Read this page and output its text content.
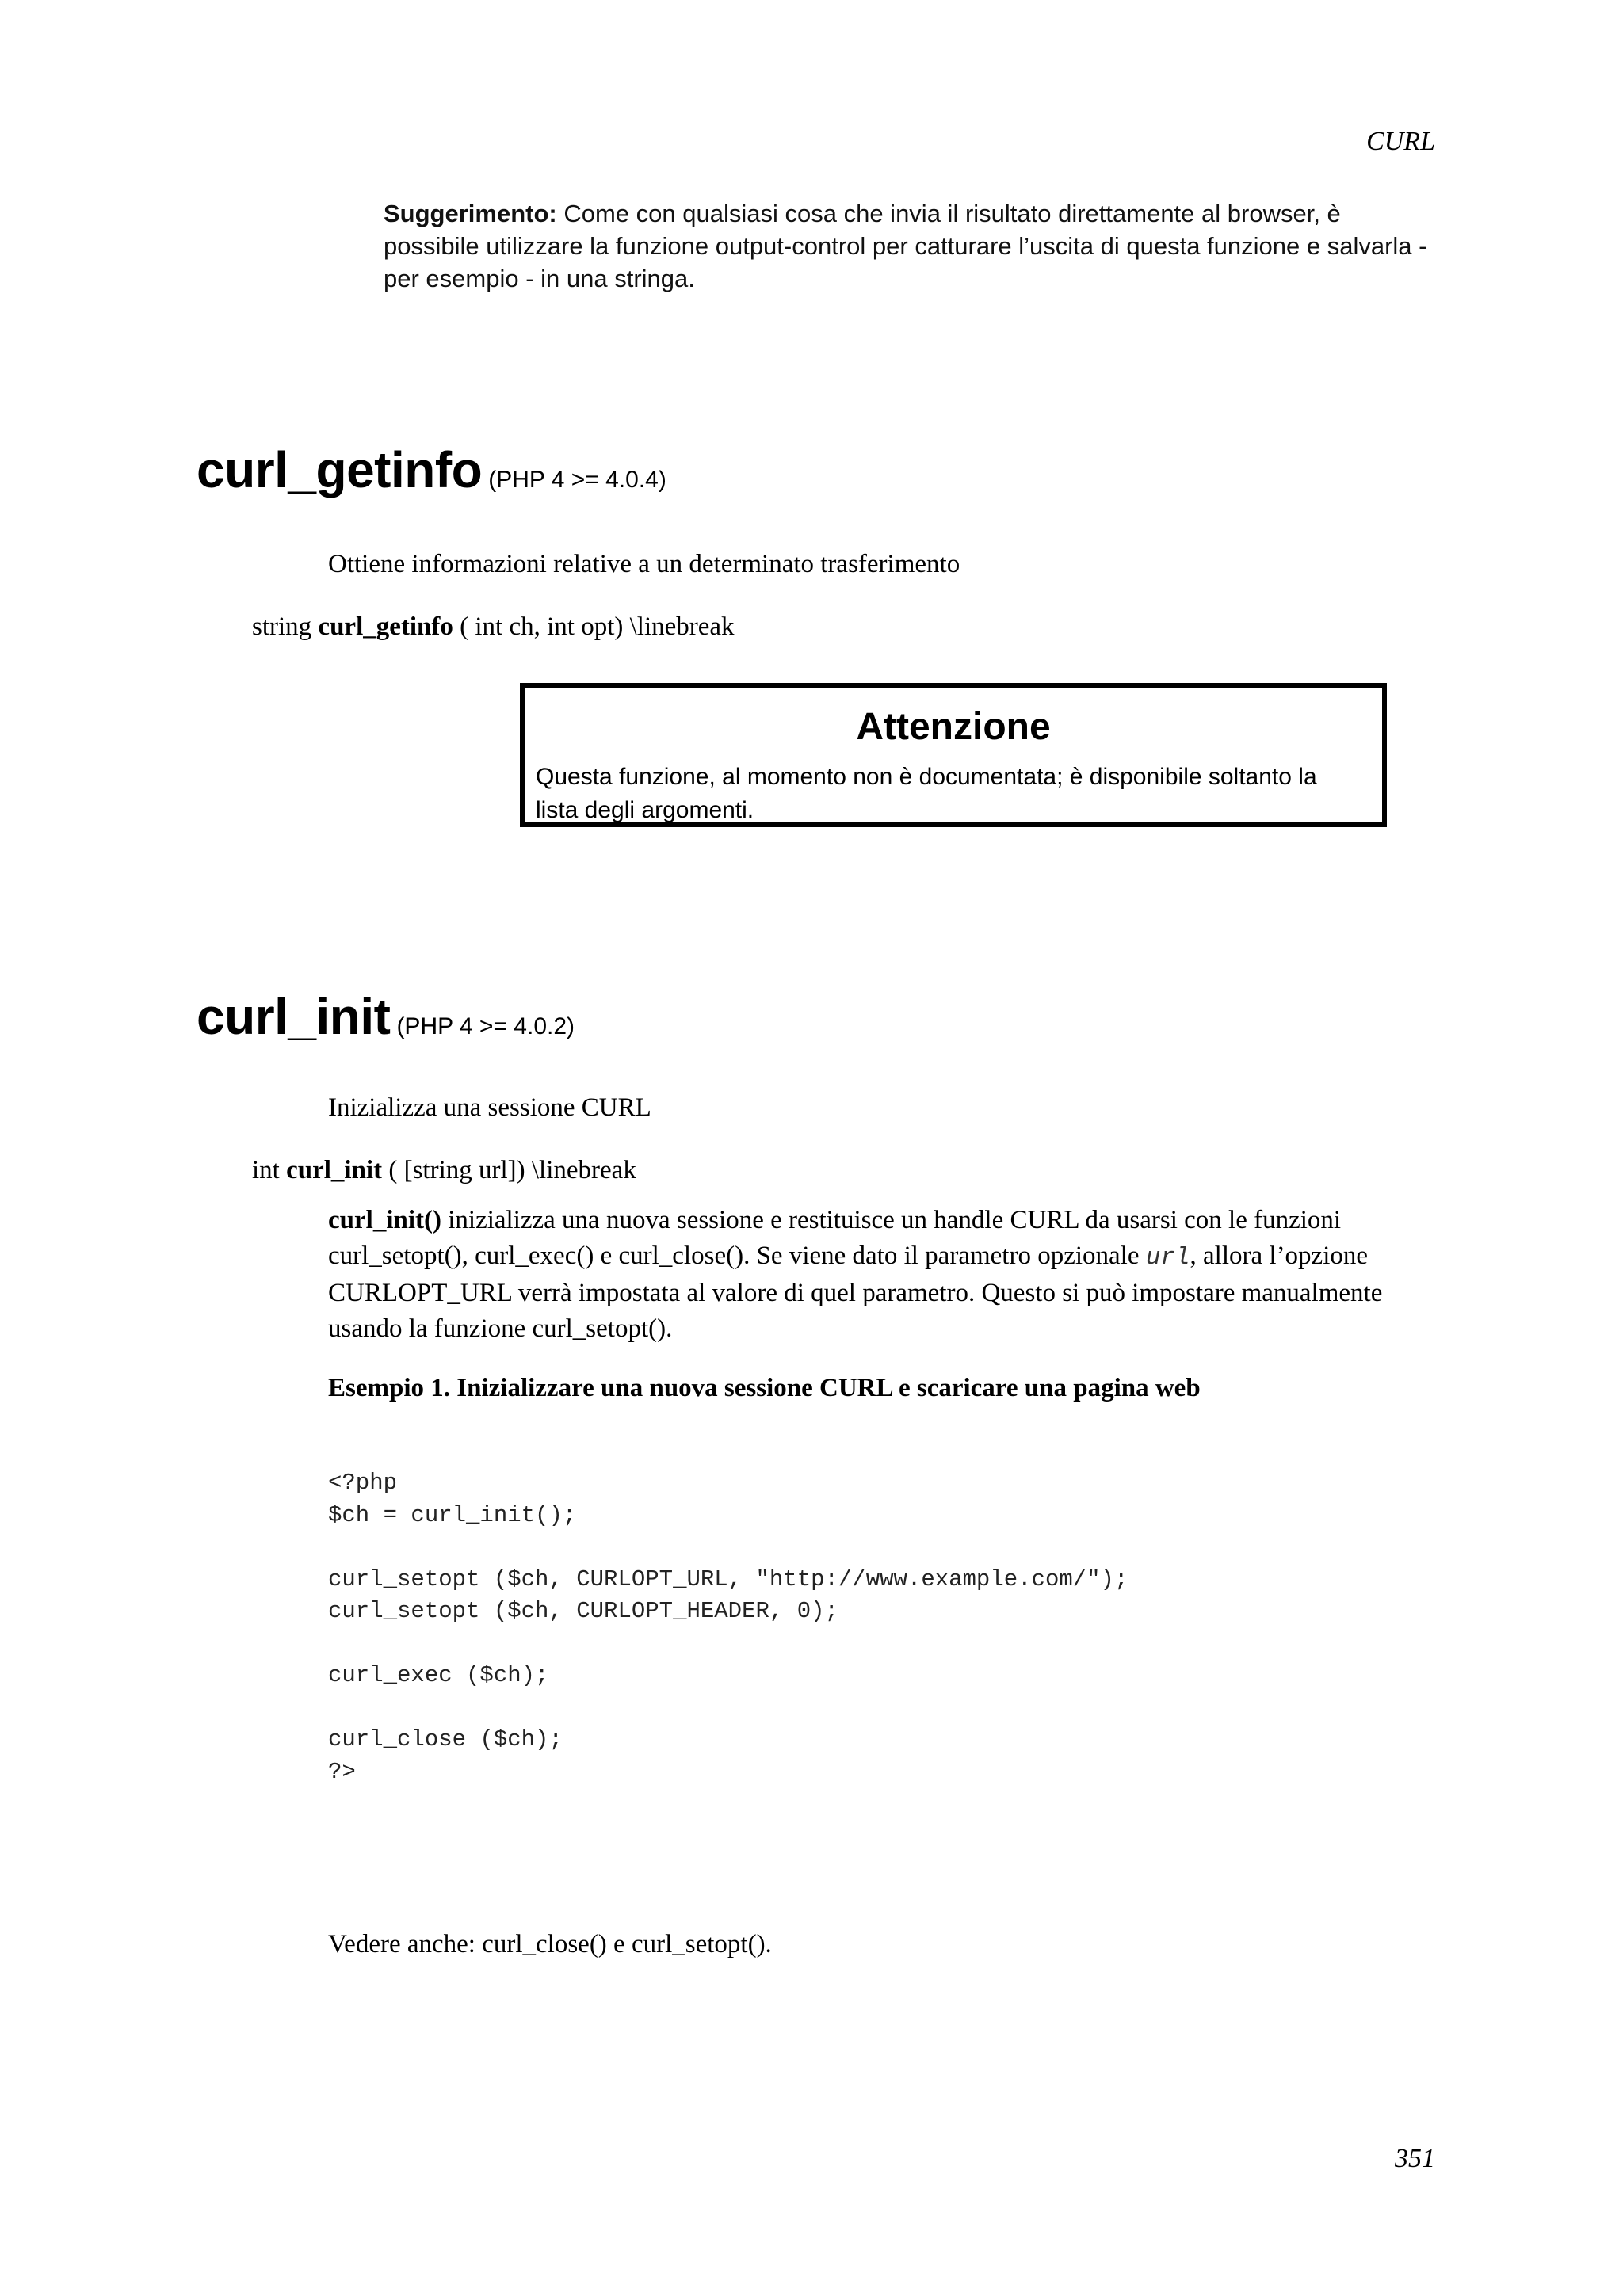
CURL

Suggerimento: Come con qualsiasi cosa che invia il risultato direttamente al browser, è possibile utilizzare la funzione output-control per catturare l’uscita di questa funzione e salvarla - per esempio - in una stringa.

curl_getinfo (PHP 4 >= 4.0.4)
Ottiene informazioni relative a un determinato trasferimento
string curl_getinfo ( int ch, int opt) \linebreak
Attenzione
Questa funzione, al momento non è documentata; è disponibile soltanto la lista degli argomenti.
curl_init (PHP 4 >= 4.0.2)
Inizializza una sessione CURL
int curl_init ( [string url]) \linebreak

curl_init() inizializza una nuova sessione e restituisce un handle CURL da usarsi con le funzioni curl_setopt(), curl_exec() e curl_close(). Se viene dato il parametro opzionale url, allora l’opzione CURLOPT_URL verrà impostata al valore di quel parametro. Questo si può impostare manualmente usando la funzione curl_setopt().

Esempio 1. Inizializzare una nuova sessione CURL e scaricare una pagina web
<?php
$ch = curl_init();

curl_setopt ($ch, CURLOPT_URL, "http://www.example.com/");
curl_setopt ($ch, CURLOPT_HEADER, 0);

curl_exec ($ch);

curl_close ($ch);
?>
Vedere anche: curl_close() e curl_setopt().
351
